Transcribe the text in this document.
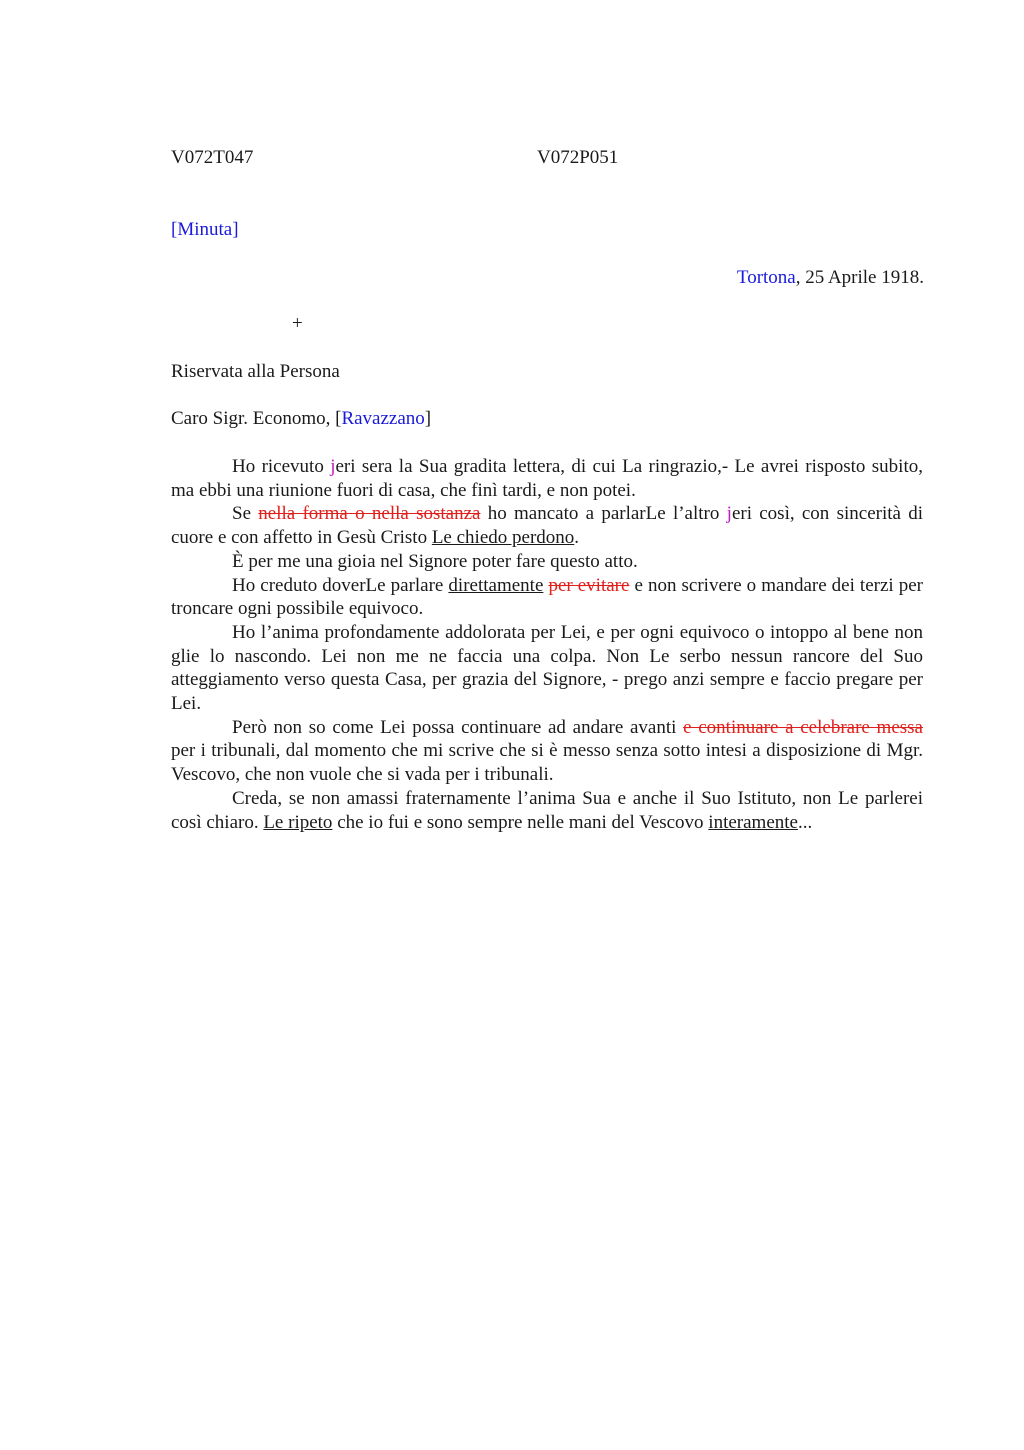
V072T047	V072P051
[Minuta]
Tortona, 25 Aprile 1918.
+
Riservata alla Persona
Caro Sigr. Economo, [Ravazzano]

Ho ricevuto jeri sera la Sua gradita lettera, di cui La ringrazio,- Le avrei risposto subito, ma ebbi una riunione fuori di casa, che finì tardi, e non potei.

Se nella forma o nella sostanza ho mancato a parlarLe l’altro jeri così, con sincerità di cuore e con affetto in Gesù Cristo Le chiedo perdono.

È per me una gioia nel Signore poter fare questo atto.

Ho creduto doverLe parlare direttamente per evitare e non scrivere o mandare dei terzi per troncare ogni possibile equivoco.

Ho l’anima profondamente addolorata per Lei, e per ogni equivoco o intoppo al bene non glie lo nascondo. Lei non me ne faccia una colpa. Non Le serbo nessun rancore del Suo atteggiamento verso questa Casa, per grazia del Signore, - prego anzi sempre e faccio pregare per Lei.

Però non so come Lei possa continuare ad andare avanti e continuare a celebrare messa per i tribunali, dal momento che mi scrive che si è messo senza sotto intesi a disposizione di Mgr. Vescovo, che non vuole che si vada per i tribunali.

Creda, se non amassi fraternamente l’anima Sua e anche il Suo Istituto, non Le parlerei così chiaro. Le ripeto che io fui e sono sempre nelle mani del Vescovo interamente...
